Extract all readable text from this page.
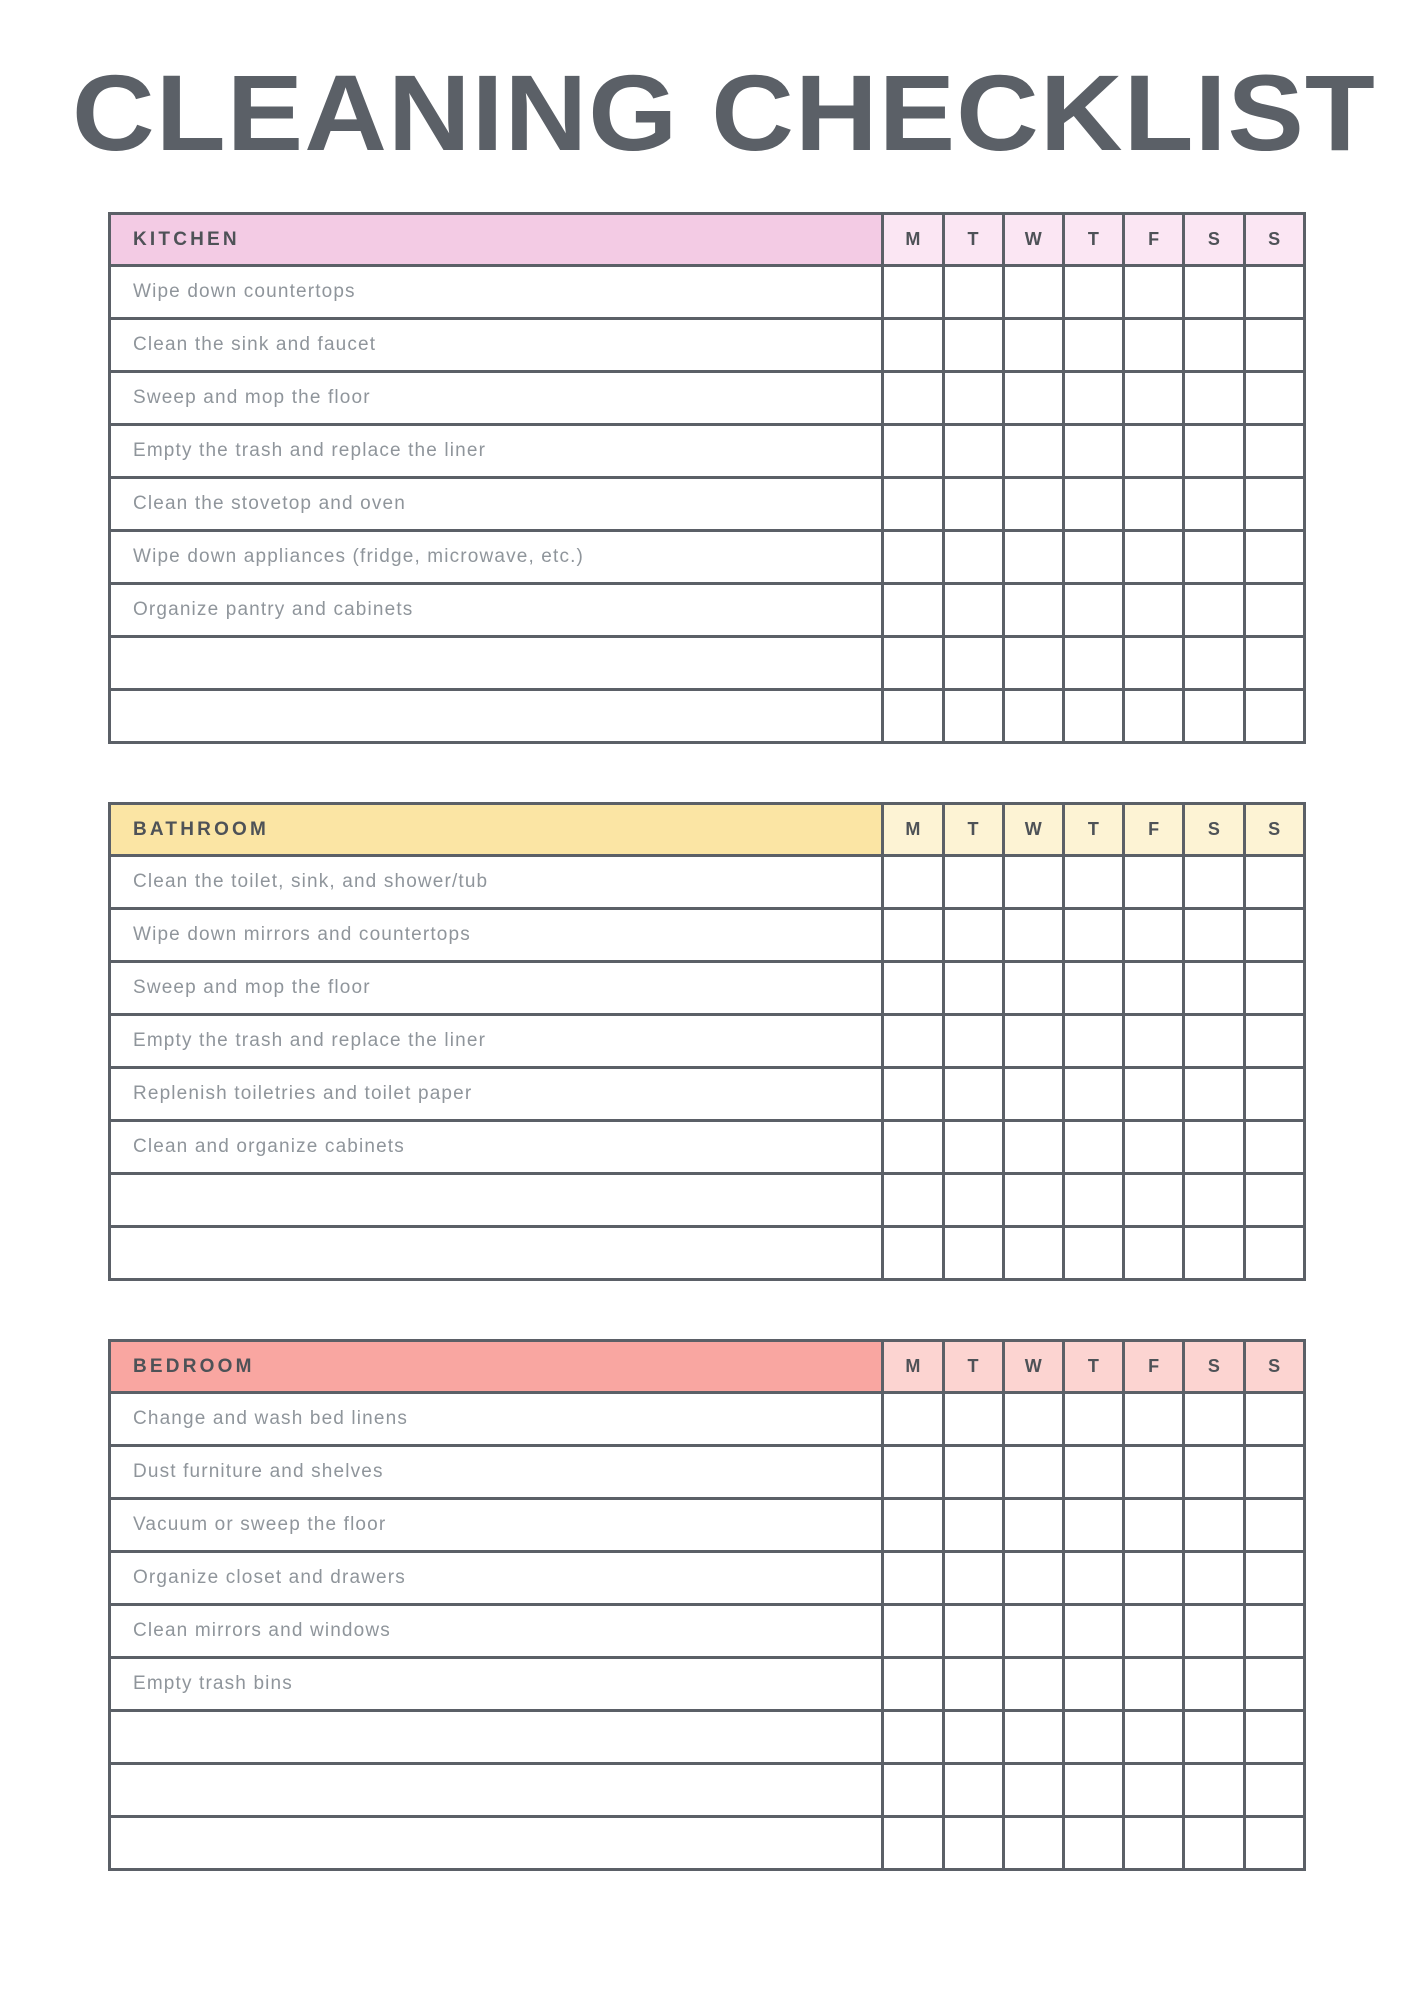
CLEANING CHECKLIST
KITCHEN	M	T	W	T	F	S	S
Wipe down countertops							
Clean the sink and faucet							
Sweep and mop the floor							
Empty the trash and replace the liner							
Clean the stovetop and oven							
Wipe down appliances (fridge, microwave, etc.)							
Organize pantry and cabinets							

BATHROOM	M	T	W	T	F	S	S
Clean the toilet, sink, and shower/tub							
Wipe down mirrors and countertops							
Sweep and mop the floor							
Empty the trash and replace the liner							
Replenish toiletries and toilet paper							
Clean and organize cabinets							

BEDROOM	M	T	W	T	F	S	S
Change and wash bed linens							
Dust furniture and shelves							
Vacuum or sweep the floor							
Organize closet and drawers							
Clean mirrors and windows							
Empty trash bins							
